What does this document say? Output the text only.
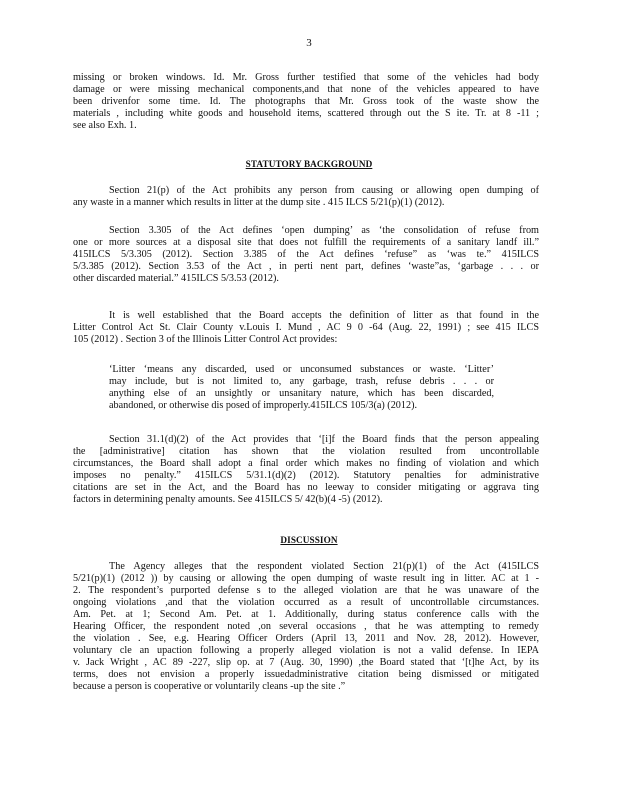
3
missing or broken windows. Id. Mr. Gross further testified that some of the vehicles had body
damage or were missing mechanical components,and that none of the vehicles appeared to have
been drivenfor some time. Id. The photographs that Mr. Gross took of the waste show the
materials , including white goods and household items, scattered through out the S ite. Tr. at 8 -11 ;
see also Exh. 1.
STATUTORY BACKGROUND
Section 21(p) of the Act prohibits any person from causing or allowing open dumping of
any waste in a manner which results in litter at the dump site . 415 ILCS 5/21(p)(1) (2012).
Section 3.305 of the Act defines ‘open dumping’ as ‘the consolidation of refuse from
one or more sources at a disposal site that does not fulfill the requirements of a sanitary landf ill.”
415ILCS 5/3.305 (2012). Section 3.385 of the Act defines ‘refuse” as ‘was te.” 415ILCS
5/3.385 (2012). Section 3.53 of the Act , in perti nent part, defines ‘waste”as, ‘garbage . . . or
other discarded material.” 415ILCS 5/3.53 (2012).
It is well established that the Board accepts the definition of litter as that found in the
Litter Control Act St. Clair County v.Louis I. Mund , AC 9 0 -64 (Aug. 22, 1991) ; see 415 ILCS
105 (2012) . Section 3 of the Illinois Litter Control Act provides:
‘Litter ‘means any discarded, used or unconsumed substances or waste. ‘Litter’
may include, but is not limited to, any garbage, trash, refuse debris . . . or
anything else of an unsightly or unsanitary nature, which has been discarded,
abandoned, or otherwise dis posed of improperly.415ILCS 105/3(a) (2012).
Section 31.1(d)(2) of the Act provides that ‘[i]f the Board finds that the person appealing
the [administrative] citation has shown that the violation resulted from uncontrollable
circumstances, the Board shall adopt a final order which makes no finding of violation and which
imposes no penalty.” 415ILCS 5/31.1(d)(2) (2012). Statutory penalties for administrative
citations are set in the Act, and the Board has no leeway to consider mitigating or aggrava ting
factors in determining penalty amounts. See 415ILCS 5/ 42(b)(4 -5) (2012).
DISCUSSION
The Agency alleges that the respondent violated Section 21(p)(1) of the Act (415ILCS
5/21(p)(1) (2012 )) by causing or allowing the open dumping of waste result ing in litter. AC at 1 -
2. The respondent’s purported defense s to the alleged violation are that he was unaware of the
ongoing violations ,and that the violation occurred as a result of uncontrollable circumstances.
Am. Pet. at 1; Second Am. Pet. at 1. Additionally, during status conference calls with the
Hearing Officer, the respondent noted ,on several occasions , that he was attempting to remedy
the violation . See, e.g. Hearing Officer Orders (April 13, 2011 and Nov. 28, 2012). However,
voluntary cle an upaction following a properly alleged violation is not a valid defense. In IEPA
v. Jack Wright , AC 89 -227, slip op. at 7 (Aug. 30, 1990) ,the Board stated that ‘[t]he Act, by its
terms, does not envision a properly issuedadministrative citation being dismissed or mitigated
because a person is cooperative or voluntarily cleans -up the site .”
